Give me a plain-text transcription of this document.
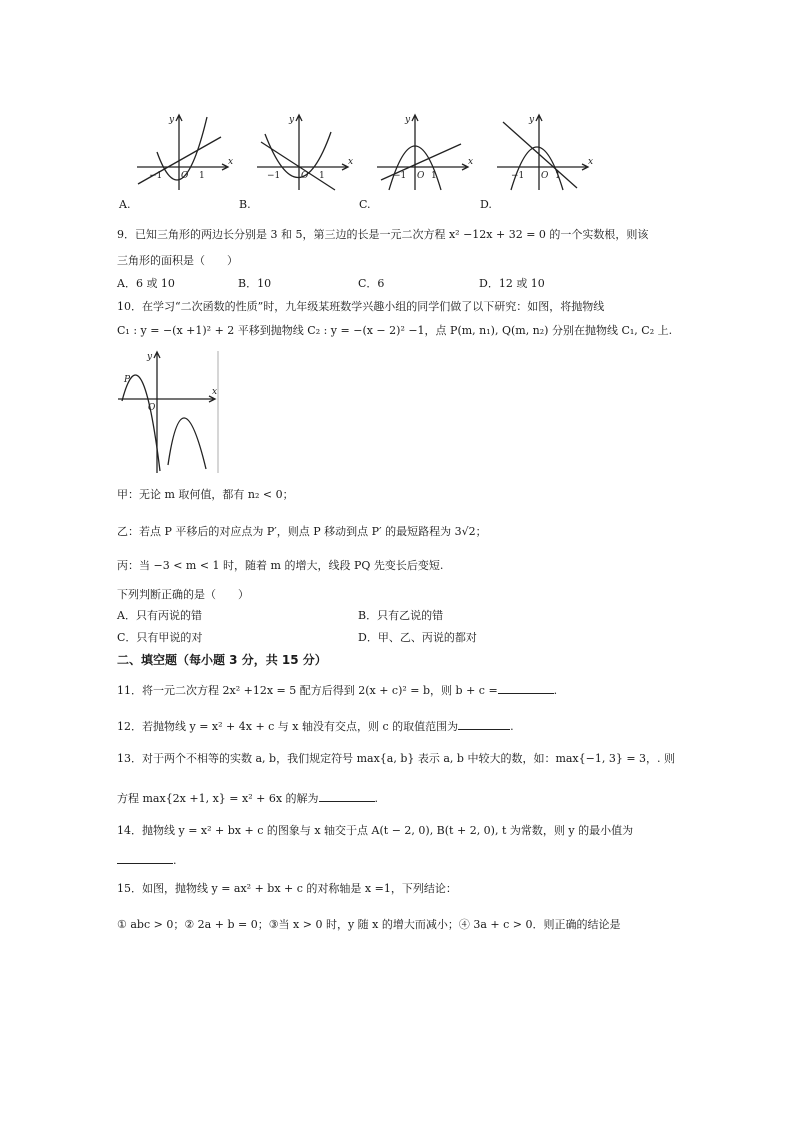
y
x
−1 O 1
y
x
−1 O 1
y
x
−1 O 1
y
x
−1 O 1
A.	B.	C.	D.
9．已知三角形的两边长分别是 3 和 5，第三边的长是一元二次方程 x² −12x + 32 = 0 的一个实数根，则该
三角形的面积是（　　）
A．6 或 10	B．10	C．6	D．12 或 10
10．在学习“二次函数的性质”时，九年级某班数学兴趣小组的同学们做了以下研究：如图，将抛物线
C₁ : y = −(x +1)² + 2 平移到抛物线 C₂ : y = −(x − 2)² −1，点 P(m, n₁), Q(m, n₂) 分别在抛物线 C₁, C₂ 上.
y
x
O
P
甲：无论 m 取何值，都有 n₂ < 0；
乙：若点 P 平移后的对应点为 P′，则点 P 移动到点 P′ 的最短路程为 3√2；
丙：当 −3 < m < 1 时，随着 m 的增大，线段 PQ 先变长后变短.
下列判断正确的是（　　）
A．只有丙说的错	B．只有乙说的错
C．只有甲说的对	D．甲、乙、丙说的都对
二、填空题（每小题 3 分，共 15 分）
11．将一元二次方程 2x² +12x = 5 配方后得到 2(x + c)² = b，则 b + c =	.
12．若抛物线 y = x² + 4x + c 与 x 轴没有交点，则 c 的取值范围为	.
13．对于两个不相等的实数 a, b，我们规定符号 max{a, b} 表示 a, b 中较大的数，如：max{−1, 3} = 3，. 则
方程 max{2x +1, x} = x² + 6x 的解为	.
14．抛物线 y = x² + bx + c 的图象与 x 轴交于点 A(t − 2, 0), B(t + 2, 0), t 为常数，则 y 的最小值为
.
15．如图，抛物线 y = ax² + bx + c 的对称轴是 x =1，下列结论：
① abc > 0；② 2a + b = 0；③当 x > 0 时，y 随 x 的增大而减小；④ 3a + c > 0．则正确的结论是
